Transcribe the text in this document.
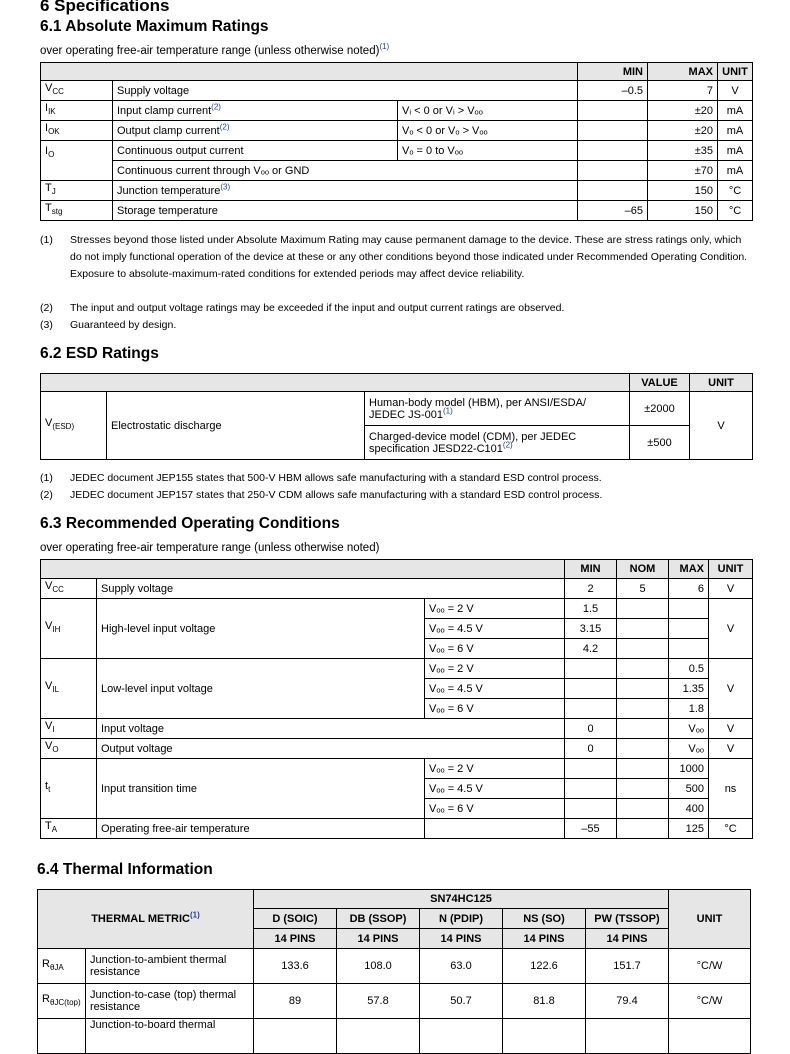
6 Specifications
6.1 Absolute Maximum Ratings
over operating free-air temperature range (unless otherwise noted)$^{(1)}$
			MIN	MAX	UNIT
$V_{CC}$	Supply voltage		–0.5	7	V
$I_{IK}$	Input clamp current$^{(2)}$	Vᵢ < 0 or Vᵢ > Vₒₒ		±20	mA
$I_{OK}$	Output clamp current$^{(2)}$	Vₒ < 0 or Vₒ > Vₒₒ		±20	mA
$I_O$	Continuous output current	Vₒ = 0 to Vₒₒ		±35	mA
	Continuous current through Vₒₒ or GND			±70	mA
$T_J$	Junction temperature$^{(3)}$			150	°C
$T_{stg}$	Storage temperature		–65	150	°C
(1) Stresses beyond those listed under Absolute Maximum Rating may cause permanent damage to the device. These are stress ratings only, which do not imply functional operation of the device at these or any other conditions beyond those indicated under Recommended Operating Condition. Exposure to absolute-maximum-rated conditions for extended periods may affect device reliability.
(2) The input and output voltage ratings may be exceeded if the input and output current ratings are observed.
(3) Guaranteed by design.
6.2 ESD Ratings
			VALUE	UNIT
$V_{(ESD)}$	Electrostatic discharge	Human-body model (HBM), per ANSI/ESDA/ JEDEC $JS-001^{(1)}$	±2000	V
		Charged-device model (CDM), per JEDEC specification $JESD22-C101^{(2)}$	±500	
(1) JEDEC document JEP155 states that 500-V HBM allows safe manufacturing with a standard ESD control process.
(2) JEDEC document JEP157 states that 250-V CDM allows safe manufacturing with a standard ESD control process.
6.3 Recommended Operating Conditions
over operating free-air temperature range (unless otherwise noted)
			MIN	NOM	MAX	UNIT
$V_{CC}$	Supply voltage		2	5	6	V
$V_{IH}$	High-level input voltage	Vₒₒ = 2 V	1.5			V
		Vₒₒ = 4.5 V	3.15			
		Vₒₒ = 6 V	4.2			
$V_{IL}$	Low-level input voltage	Vₒₒ = 2 V			0.5	V
		Vₒₒ = 4.5 V			1.35	
		Vₒₒ = 6 V			1.8	
$V_I$	Input voltage		0		Vₒₒ	V
$V_O$	Output voltage		0		Vₒₒ	V
$t_t$	Input transition time	Vₒₒ = 2 V			1000	ns
		Vₒₒ = 4.5 V			500	
		Vₒₒ = 6 V			400	
$T_A$	Operating free-air temperature		–55		125	°C
6.4 Thermal Information
THERMAL METRIC$^{(1)}$		SN74HC125					UNIT
		D (SOIC)	DB (SSOP)	N (PDIP)	NS (SO)	PW (TSSOP)	
		14 PINS	14 PINS	14 PINS	14 PINS	14 PINS	
$R_{\theta JA}$	Junction-to-ambient thermal resistance	133.6	108.0	63.0	122.6	151.7	°C/W
$R_{\theta JC(top)}$	Junction-to-case (top) thermal resistance	89	57.8	50.7	81.8	79.4	°C/W
	Junction-to-board thermal						
